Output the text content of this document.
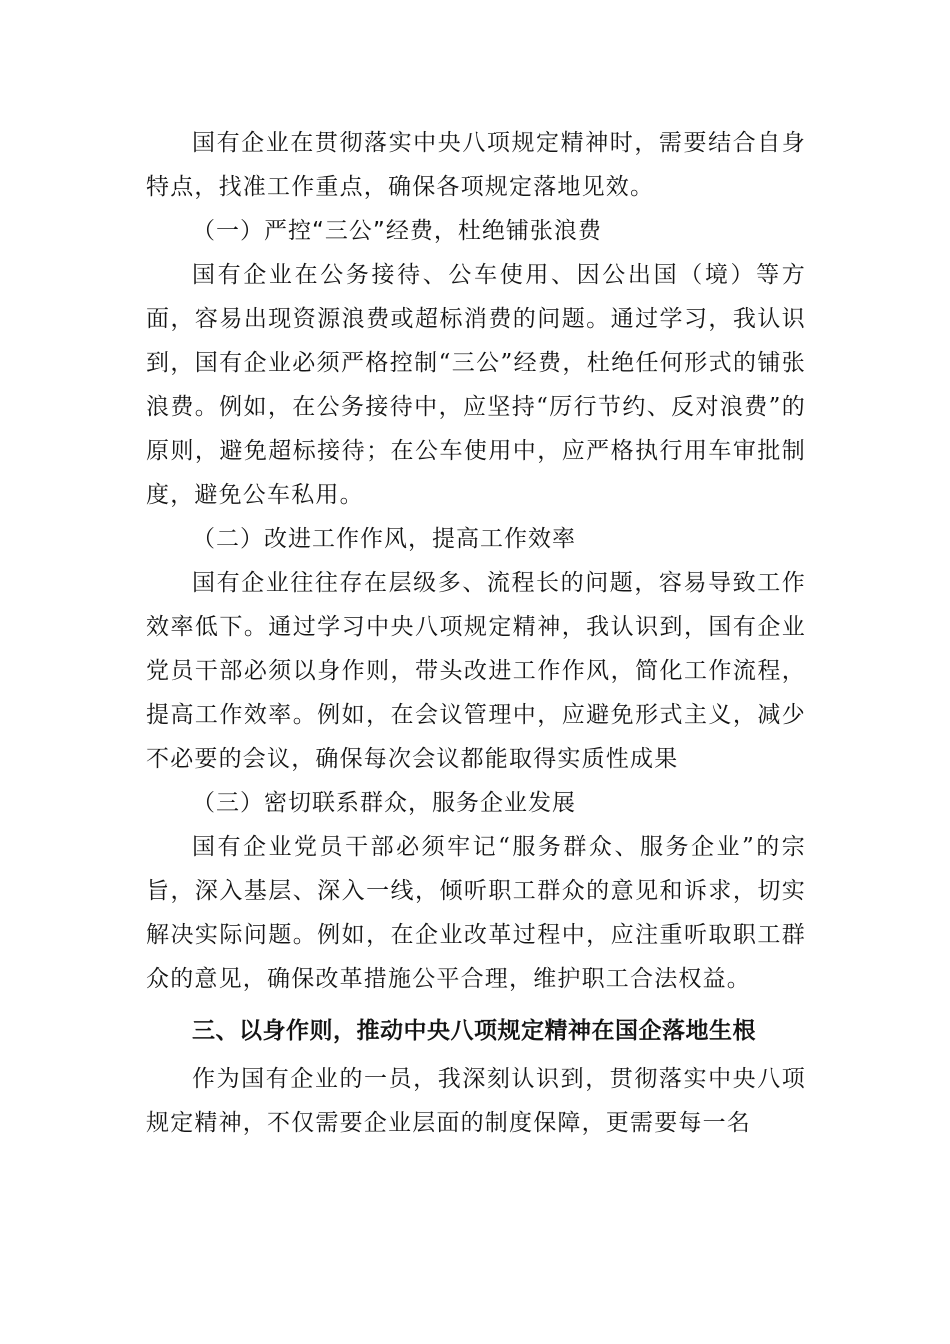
国有企业在贯彻落实中央八项规定精神时，需要结合自身特点，找准工作重点，确保各项规定落地见效。

（一）严控“三公”经费，杜绝铺张浪费

国有企业在公务接待、公车使用、因公出国（境）等方面，容易出现资源浪费或超标消费的问题。通过学习，我认识到，国有企业必须严格控制“三公”经费，杜绝任何形式的铺张浪费。例如，在公务接待中，应坚持“厉行节约、反对浪费”的原则，避免超标接待；在公车使用中，应严格执行用车审批制度，避免公车私用。

（二）改进工作作风，提高工作效率

国有企业往往存在层级多、流程长的问题，容易导致工作效率低下。通过学习中央八项规定精神，我认识到，国有企业党员干部必须以身作则，带头改进工作作风，简化工作流程，提高工作效率。例如，在会议管理中，应避免形式主义，减少不必要的会议，确保每次会议都能取得实质性成果

（三）密切联系群众，服务企业发展

国有企业党员干部必须牢记“服务群众、服务企业”的宗旨，深入基层、深入一线，倾听职工群众的意见和诉求，切实解决实际问题。例如，在企业改革过程中，应注重听取职工群众的意见，确保改革措施公平合理，维护职工合法权益。

三、以身作则，推动中央八项规定精神在国企落地生根

作为国有企业的一员，我深刻认识到，贯彻落实中央八项规定精神，不仅需要企业层面的制度保障，更需要每一名
